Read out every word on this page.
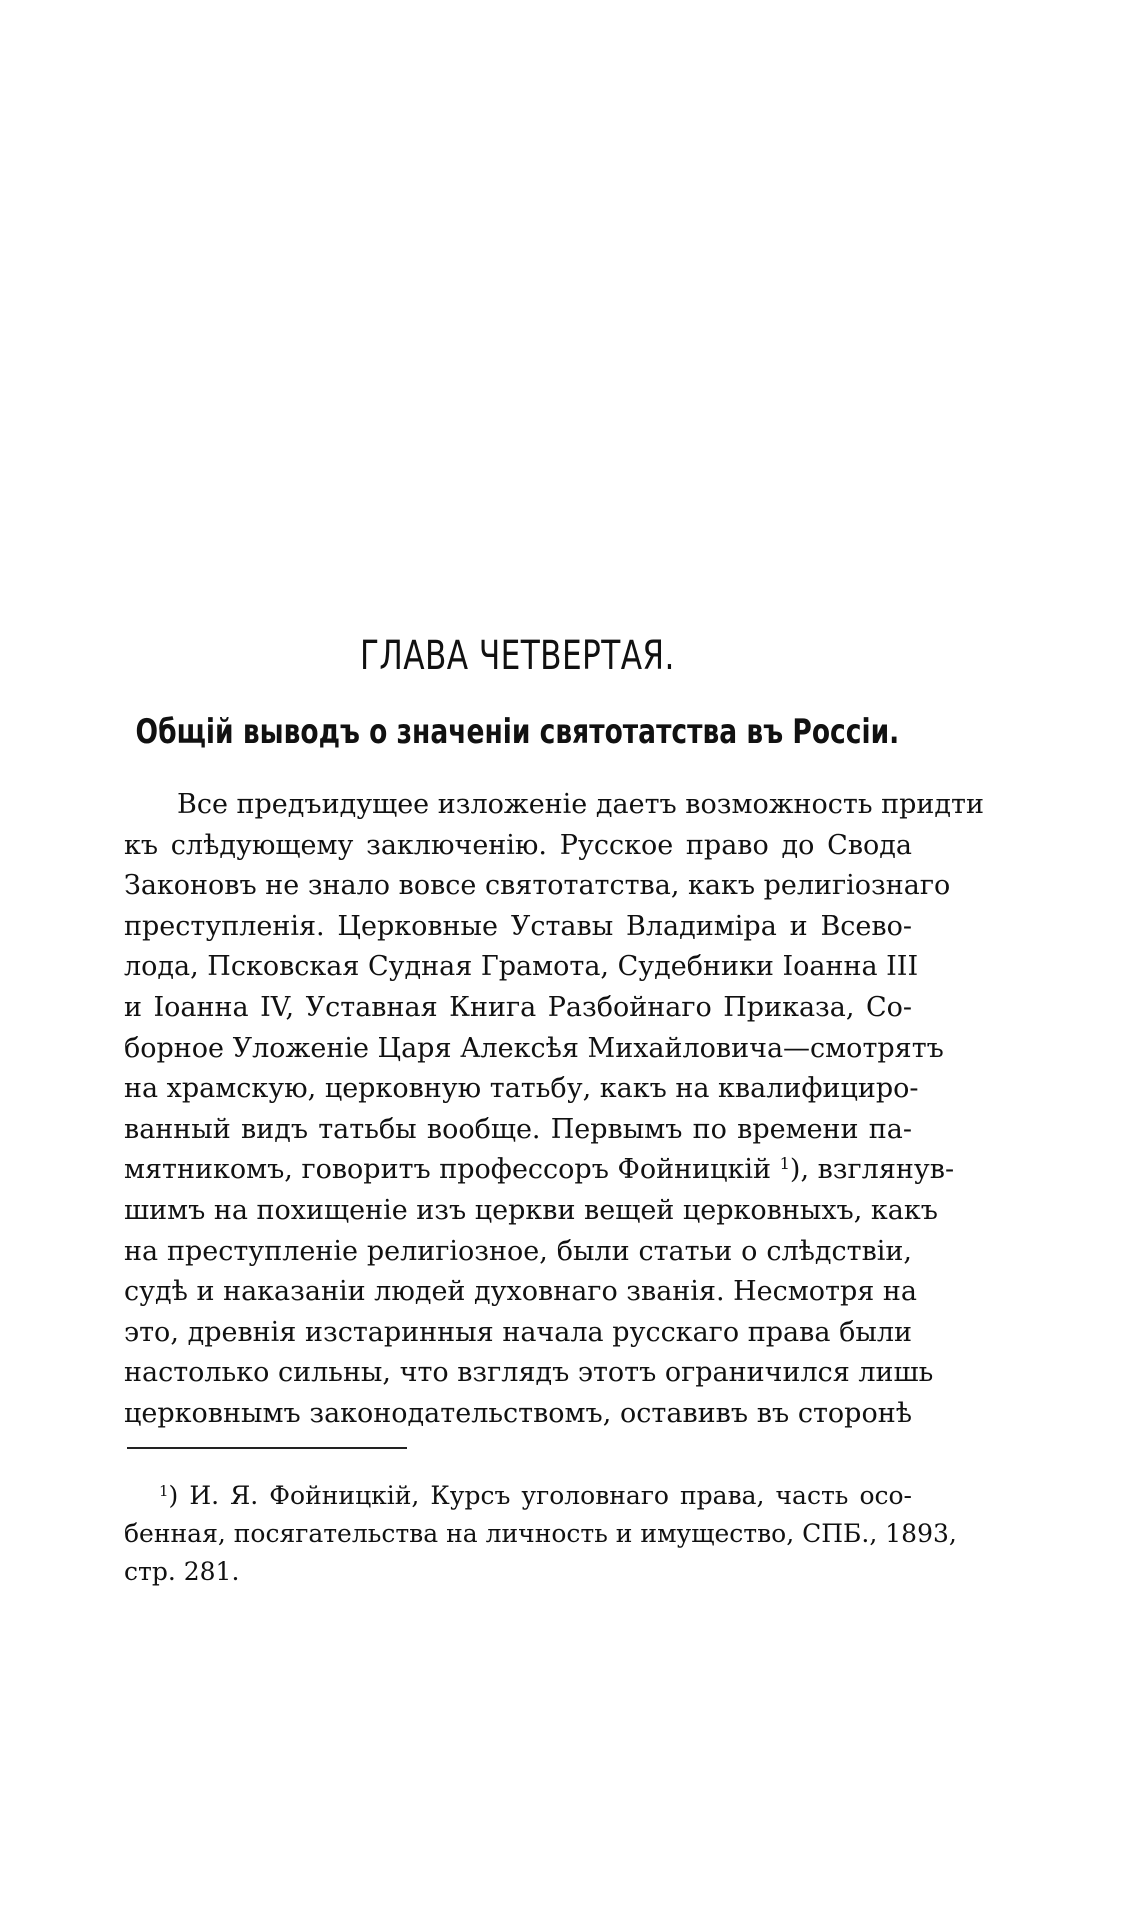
ГЛАВА ЧЕТВЕРТАЯ.
Общій выводъ о значеніи святотатства въ Россіи.
Все предъидущее изложеніе даетъ возможность придти
къ слѣдующему заключенію. Русское право до Свода
Законовъ не знало вовсе святотатства, какъ религіознаго
преступленія. Церковные Уставы Владиміра и Всево-
лода, Псковская Судная Грамота, Судебники Іоанна III
и Іоанна IV, Уставная Книга Разбойнаго Приказа, Со-
борное Уложеніе Царя Алексѣя Михайловича—смотрятъ
на храмскую, церковную татьбу, какъ на квалифициро-
ванный видъ татьбы вообще. Первымъ по времени па-
мятникомъ, говоритъ профессоръ Фойницкій $^1$), взглянув-
шимъ на похищеніе изъ церкви вещей церковныхъ, какъ
на преступленіе религіозное, были статьи о слѣдствіи,
судѣ и наказаніи людей духовнаго званія. Несмотря на
это, древнія изстаринныя начала русскаго права были
настолько сильны, что взглядъ этотъ ограничился лишь
церковнымъ законодательствомъ, оставивъ въ сторонѣ
$^1$) И. Я. Фойницкій, Курсъ уголовнаго права, часть осо-
бенная, посягательства на личность и имущество, СПБ., 1893,
стр. 281.
